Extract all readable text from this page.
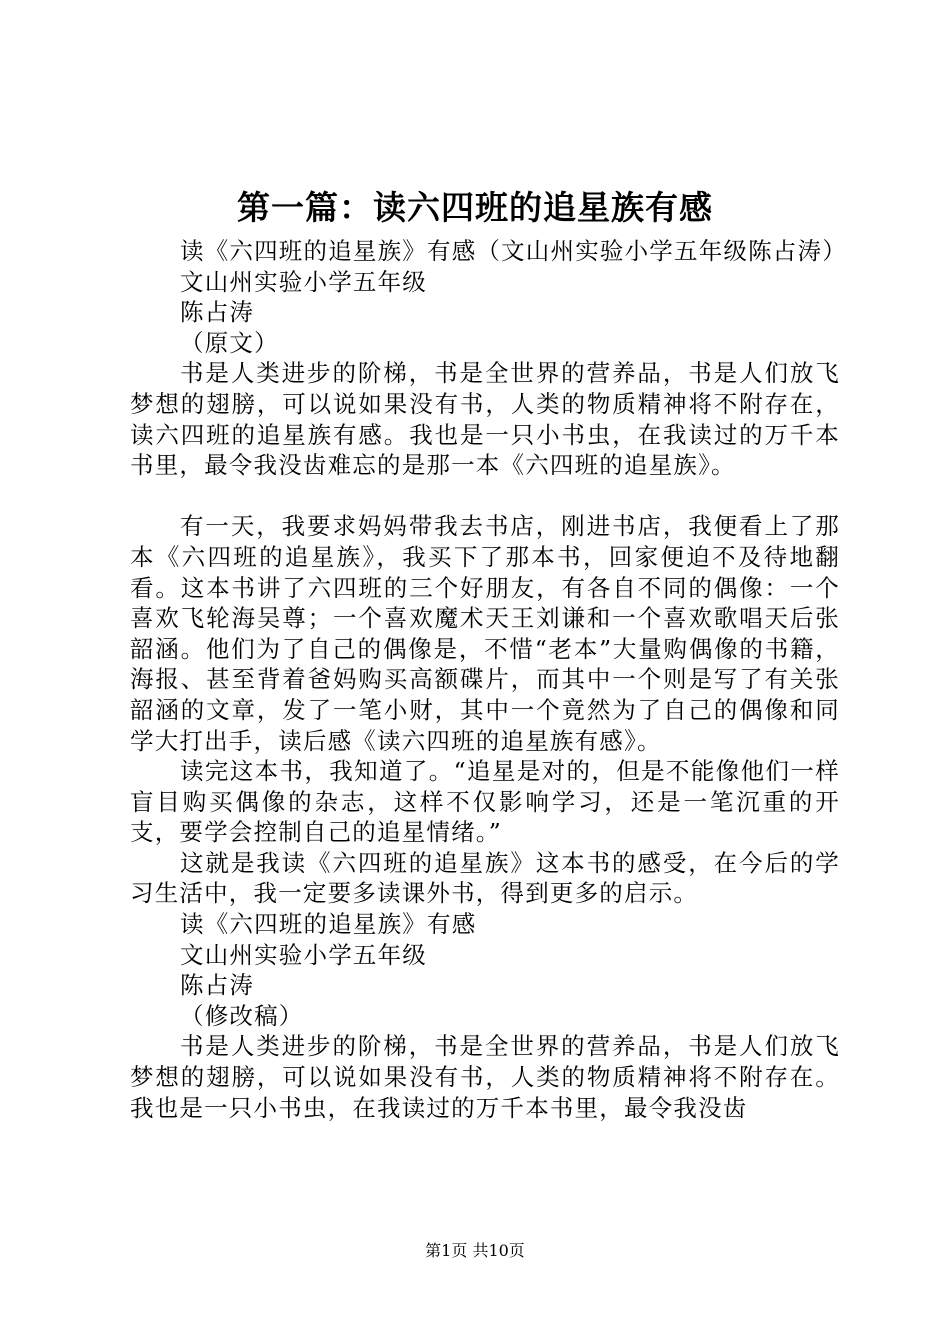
第一篇：读六四班的追星族有感

读《六四班的追星族》有感（文山州实验小学五年级陈占涛）

文山州实验小学五年级

陈占涛

（原文）

书是人类进步的阶梯，书是全世界的营养品，书是人们放飞梦想的翅膀，可以说如果没有书，人类的物质精神将不附存在，读六四班的追星族有感。我也是一只小书虫，在我读过的万千本书里，最令我没齿难忘的是那一本《六四班的追星族》。

有一天，我要求妈妈带我去书店，刚进书店，我便看上了那本《六四班的追星族》，我买下了那本书，回家便迫不及待地翻看。这本书讲了六四班的三个好朋友，有各自不同的偶像：一个喜欢飞轮海吴尊；一个喜欢魔术天王刘谦和一个喜欢歌唱天后张韶涵。他们为了自己的偶像是，不惜“老本”大量购偶像的书籍，海报、甚至背着爸妈购买高额碟片，而其中一个则是写了有关张韶涵的文章，发了一笔小财，其中一个竟然为了自己的偶像和同学大打出手，读后感《读六四班的追星族有感》。

读完这本书，我知道了。“追星是对的，但是不能像他们一样盲目购买偶像的杂志，这样不仅影响学习，还是一笔沉重的开支，要学会控制自己的追星情绪。”

这就是我读《六四班的追星族》这本书的感受，在今后的学习生活中，我一定要多读课外书，得到更多的启示。

读《六四班的追星族》有感

文山州实验小学五年级

陈占涛

（修改稿）

书是人类进步的阶梯，书是全世界的营养品，书是人们放飞梦想的翅膀，可以说如果没有书，人类的物质精神将不附存在。我也是一只小书虫，在我读过的万千本书里，最令我没齿

第1页 共10页
